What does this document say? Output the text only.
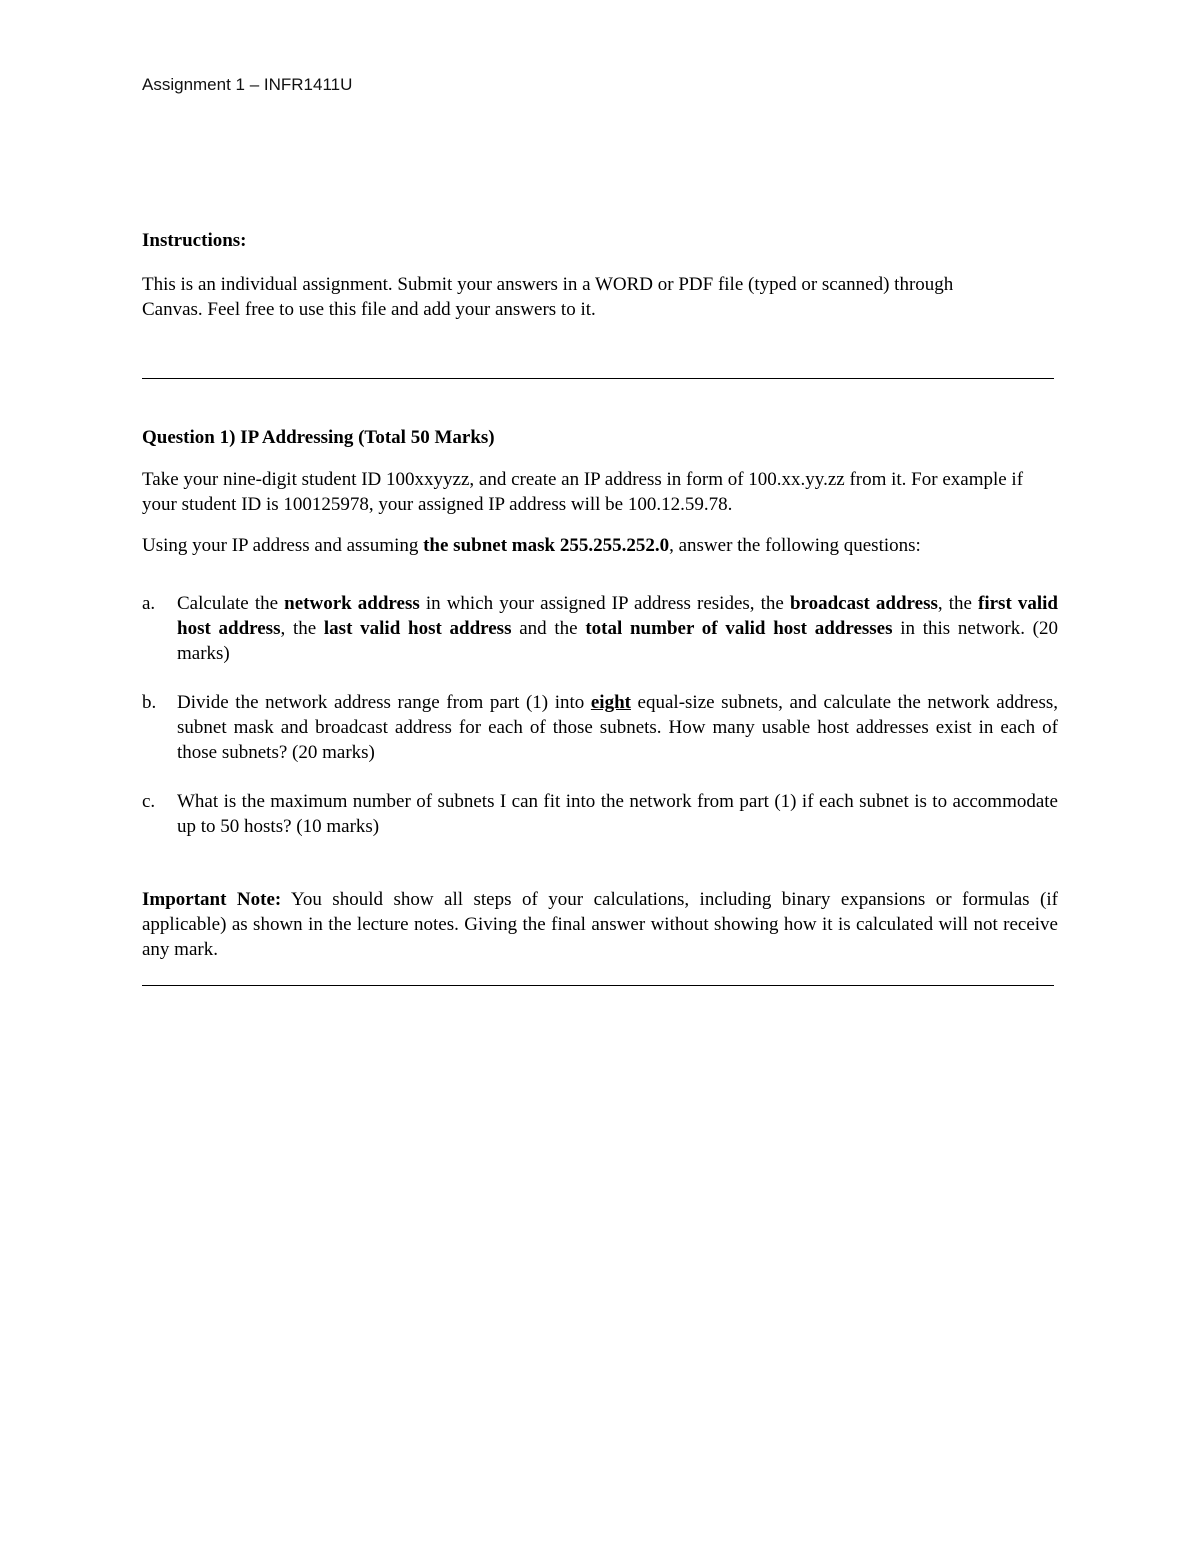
Assignment 1 – INFR1411U
Instructions:

This is an individual assignment. Submit your answers in a WORD or PDF file (typed or scanned) through Canvas. Feel free to use this file and add your answers to it.

Question 1) IP Addressing (Total 50 Marks)

Take your nine-digit student ID 100xxyyzz, and create an IP address in form of 100.xx.yy.zz from it. For example if your student ID is 100125978, your assigned IP address will be 100.12.59.78.

Using your IP address and assuming the subnet mask 255.255.252.0, answer the following questions:

a. Calculate the network address in which your assigned IP address resides, the broadcast address, the first valid host address, the last valid host address and the total number of valid host addresses in this network. (20 marks)
b. Divide the network address range from part (1) into eight equal-size subnets, and calculate the network address, subnet mask and broadcast address for each of those subnets. How many usable host addresses exist in each of those subnets? (20 marks)
c. What is the maximum number of subnets I can fit into the network from part (1) if each subnet is to accommodate up to 50 hosts? (10 marks)

Important Note: You should show all steps of your calculations, including binary expansions or formulas (if applicable) as shown in the lecture notes. Giving the final answer without showing how it is calculated will not receive any mark.
